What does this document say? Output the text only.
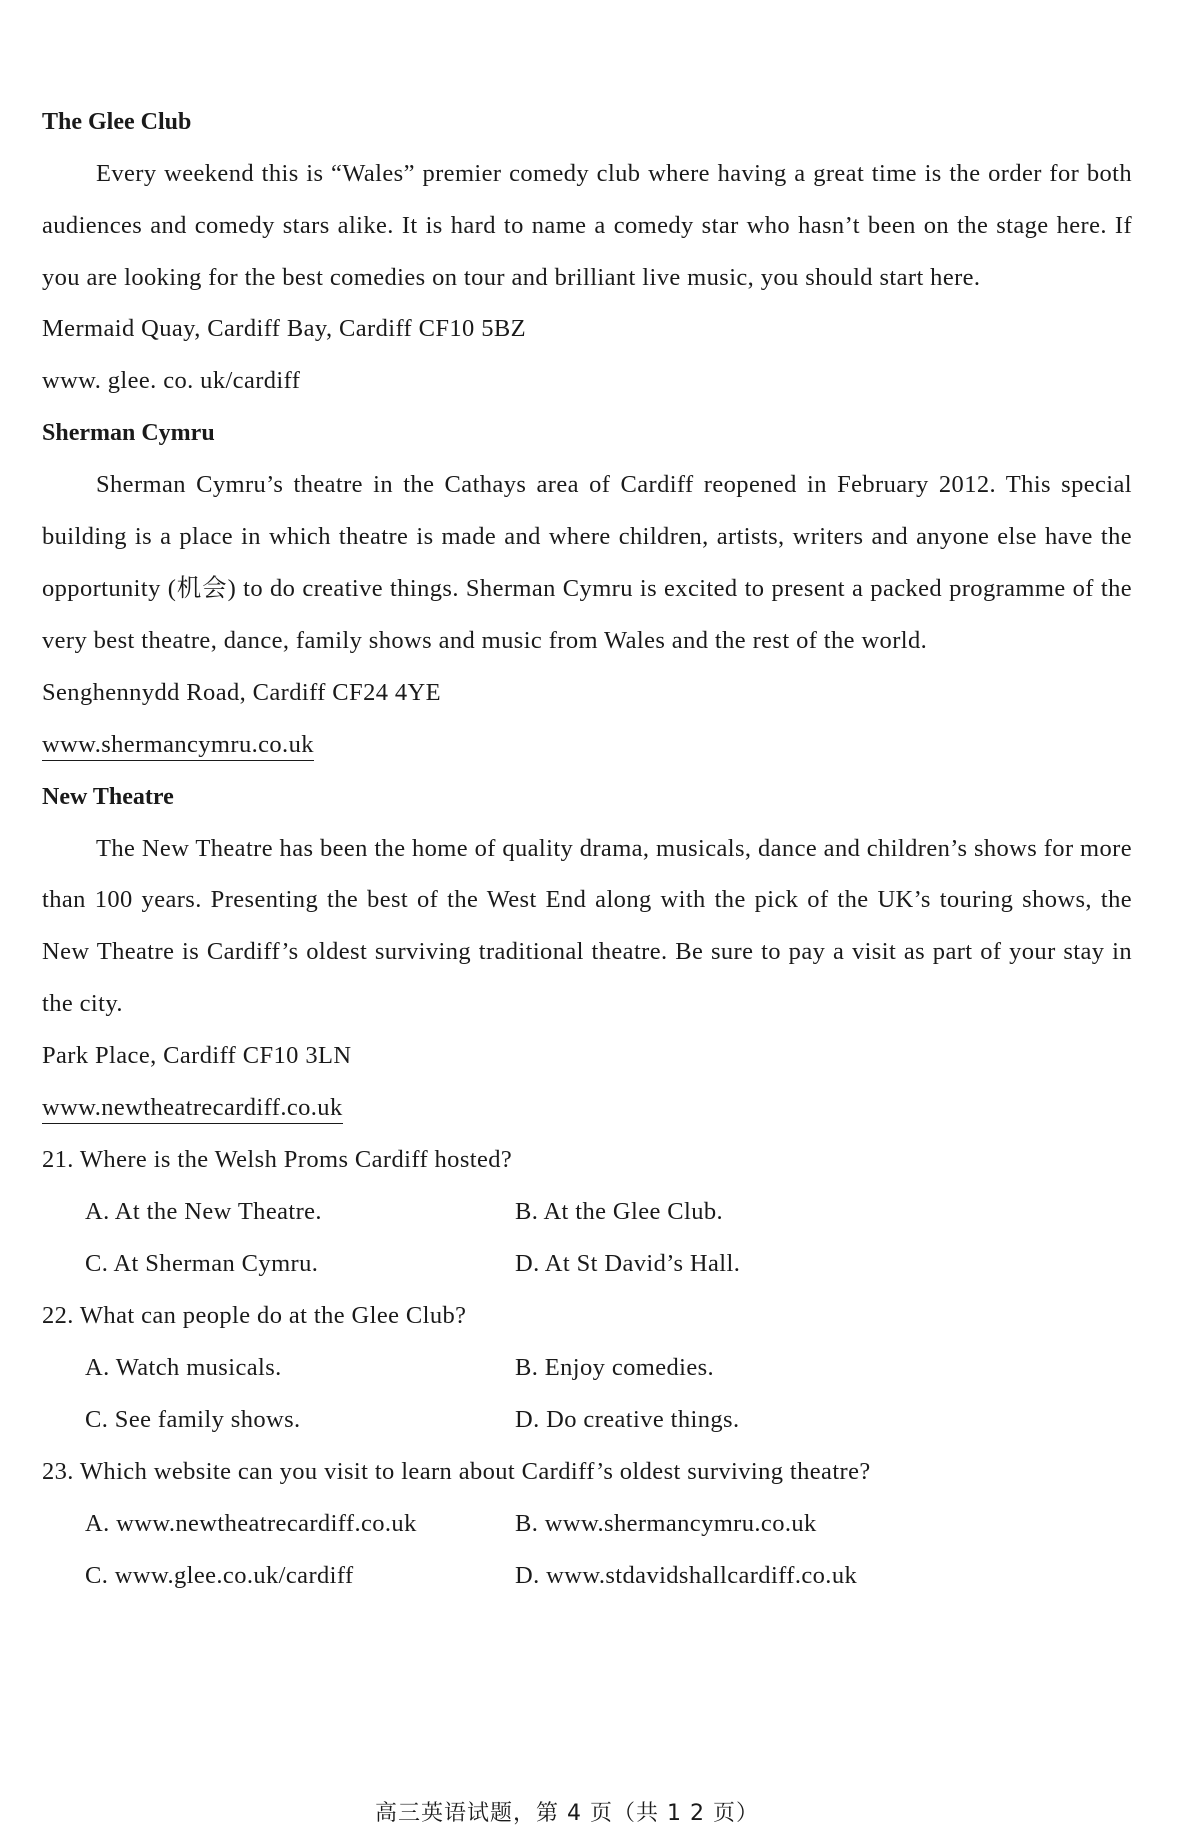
The Glee Club

Every weekend this is “Wales” premier comedy club where having a great time is the order for both audiences and comedy stars alike. It is hard to name a comedy star who hasn’t been on the stage here. If you are looking for the best comedies on tour and brilliant live music, you should start here.

Mermaid Quay, Cardiff Bay, Cardiff CF10 5BZ
www. glee. co. uk/cardiff
Sherman Cymru

Sherman Cymru’s theatre in the Cathays area of Cardiff reopened in February 2012. This special building is a place in which theatre is made and where children, artists, writers and anyone else have the opportunity (机会) to do creative things. Sherman Cymru is excited to present a packed programme of the very best theatre, dance, family shows and music from Wales and the rest of the world.

Senghennydd Road, Cardiff CF24 4YE
www.shermancymru.co.uk
New Theatre

The New Theatre has been the home of quality drama, musicals, dance and children’s shows for more than 100 years. Presenting the best of the West End along with the pick of the UK’s touring shows, the New Theatre is Cardiff’s oldest surviving traditional theatre. Be sure to pay a visit as part of your stay in the city.

Park Place, Cardiff CF10 3LN
www.newtheatrecardiff.co.uk
21. Where is the Welsh Proms Cardiff hosted?
A. At the New Theatre.	B. At the Glee Club.
C. At Sherman Cymru.	D. At St David’s Hall.
22. What can people do at the Glee Club?
A. Watch musicals.	B. Enjoy comedies.
C. See family shows.	D. Do creative things.
23. Which website can you visit to learn about Cardiff’s oldest surviving theatre?
A. www.newtheatrecardiff.co.uk	B. www.shermancymru.co.uk
C. www.glee.co.uk/cardiff	D. www.stdavidshallcardiff.co.uk
高三英语试题，第 4 页（共 1 2 页）
